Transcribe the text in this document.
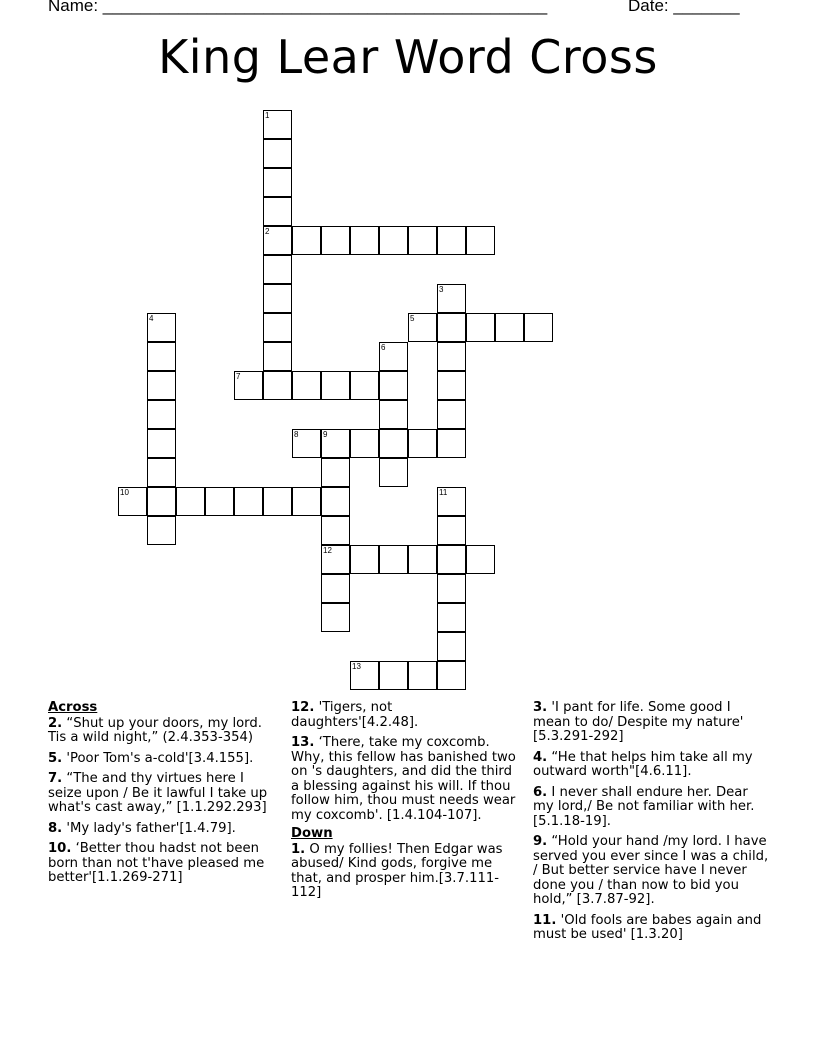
Name: _______________________________________________	Date: _______
King Lear Word Cross
1
2
3
4	5
6
7
8	9
12
10	11
13
Across
2. “Shut up your doors, my lord. Tis a wild night,” (2.4.353-354)
5. 'Poor Tom's a-cold'[3.4.155].
7. “The and thy virtues here I seize upon / Be it lawful I take up what's cast away,” [1.1.292.293]
8. 'My lady's father'[1.4.79].
10. ‘Better thou hadst not been born than not t'have pleased me better'[1.1.269-271]
12. 'Tigers, not daughters'[4.2.48].
13. ‘There, take my coxcomb. Why, this fellow has banished two on 's daughters, and did the third a blessing against his will. If thou follow him, thou must needs wear my coxcomb'. [1.4.104-107].
Down
1. O my follies! Then Edgar was abused/ Kind gods, forgive me that, and prosper him.[3.7.111-112]
3. 'I pant for life. Some good I mean to do/ Despite my nature' [5.3.291-292]
4. “He that helps him take all my outward worth"[4.6.11].
6. I never shall endure her. Dear my lord,/ Be not familiar with her. [5.1.18-19].
9. “Hold your hand /my lord. I have served you ever since I was a child, / But better service have I never done you / than now to bid you hold,” [3.7.87-92].
11. 'Old fools are babes again and must be used' [1.3.20]
